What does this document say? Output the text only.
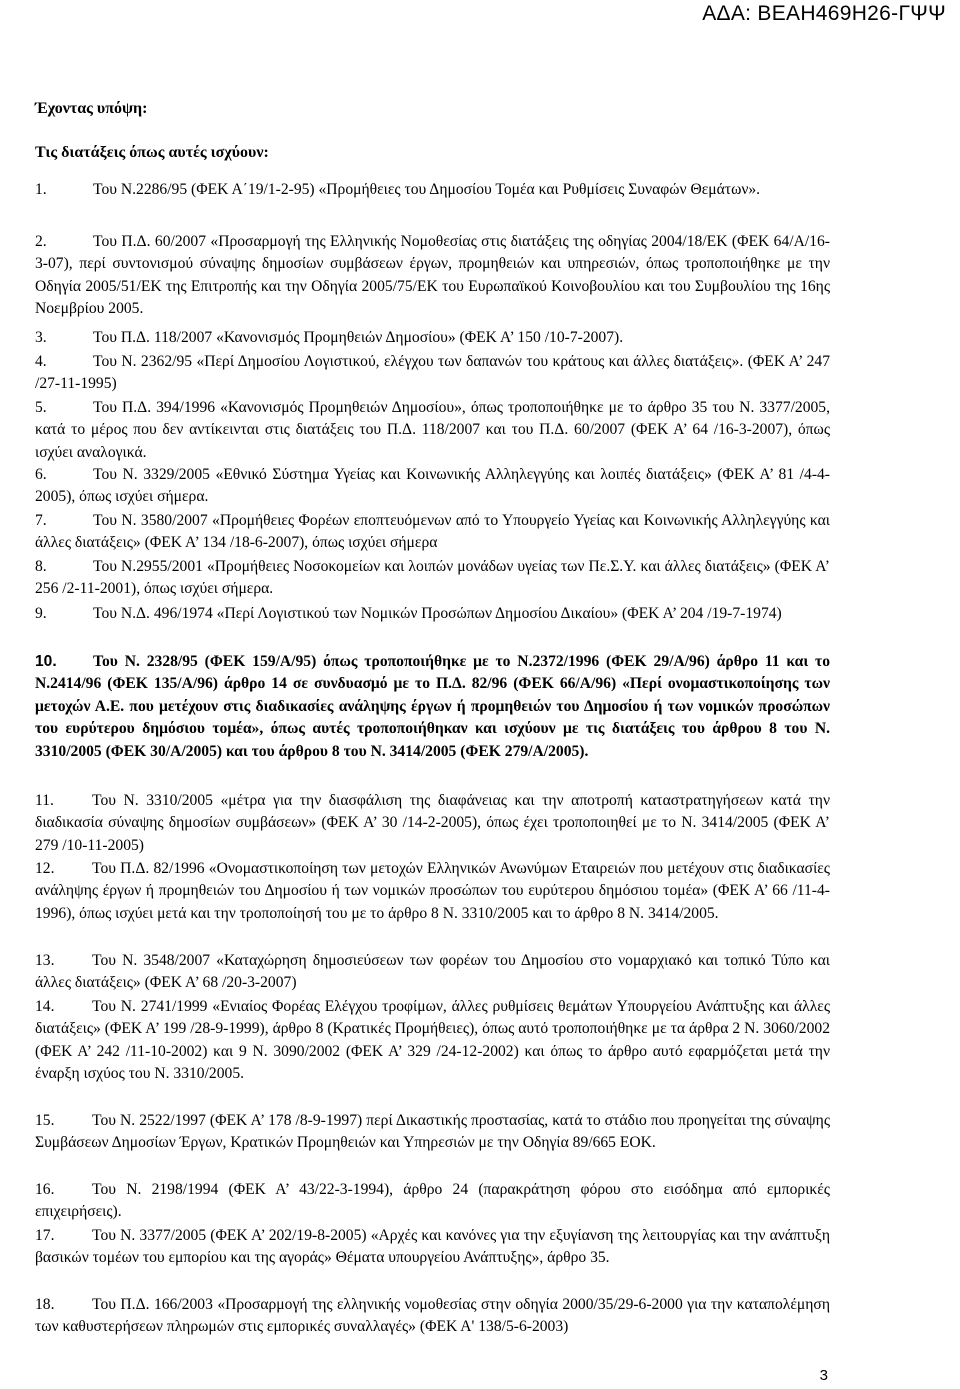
ΑΔΑ: ΒΕΑΗ469Η26-ΓΨΨ
Έχοντας υπόψη:
Τις διατάξεις όπως αυτές ισχύουν:
1.	Του Ν.2286/95 (ΦΕΚ Α΄19/1-2-95) «Προμήθειες του Δημοσίου Τομέα και Ρυθμίσεις Συναφών Θεμάτων».
2.	Του Π.Δ. 60/2007 «Προσαρμογή της Ελληνικής Νομοθεσίας στις διατάξεις της οδηγίας 2004/18/ΕΚ (ΦΕΚ 64/Α/16-3-07), περί συντονισμού σύναψης δημοσίων συμβάσεων έργων, προμηθειών και υπηρεσιών, όπως τροποποιήθηκε με την Οδηγία 2005/51/ΕΚ της Επιτροπής και την Οδηγία 2005/75/ΕΚ του Ευρωπαϊκού Κοινοβουλίου και του Συμβουλίου της 16ης Νοεμβρίου 2005.
3.	Του Π.Δ. 118/2007 «Κανονισμός Προμηθειών Δημοσίου» (ΦΕΚ Α’ 150 /10-7-2007).
4.	Του Ν. 2362/95 «Περί Δημοσίου Λογιστικού, ελέγχου των δαπανών του κράτους και άλλες διατάξεις». (ΦΕΚ Α’ 247 /27-11-1995)
5.	Του Π.Δ. 394/1996 «Κανονισμός Προμηθειών Δημοσίου», όπως τροποποιήθηκε με το άρθρο 35 του Ν. 3377/2005, κατά το μέρος που δεν αντίκεινται στις διατάξεις του Π.Δ. 118/2007 και του Π.Δ. 60/2007 (ΦΕΚ Α’ 64 /16-3-2007), όπως ισχύει αναλογικά.
6.	Του Ν. 3329/2005 «Εθνικό Σύστημα Υγείας και Κοινωνικής Αλληλεγγύης και λοιπές διατάξεις» (ΦΕΚ Α’ 81 /4-4-2005), όπως ισχύει σήμερα.
7.	Του Ν. 3580/2007 «Προμήθειες Φορέων εποπτευόμενων από το Υπουργείο Υγείας και Κοινωνικής Αλληλεγγύης και άλλες διατάξεις» (ΦΕΚ Α’ 134 /18-6-2007), όπως ισχύει σήμερα
8.	Του Ν.2955/2001 «Προμήθειες Νοσοκομείων και λοιπών μονάδων υγείας των Πε.Σ.Υ. και άλλες διατάξεις» (ΦΕΚ Α’ 256 /2-11-2001), όπως ισχύει σήμερα.
9.	Του Ν.Δ. 496/1974 «Περί Λογιστικού των Νομικών Προσώπων Δημοσίου Δικαίου» (ΦΕΚ Α’ 204 /19-7-1974)
10. Του Ν. 2328/95 (ΦΕΚ 159/Α/95) όπως τροποποιήθηκε με το Ν.2372/1996 (ΦΕΚ 29/Α/96) άρθρο 11 και το Ν.2414/96 (ΦΕΚ 135/Α/96) άρθρο 14 σε συνδυασμό με το Π.Δ. 82/96 (ΦΕΚ 66/Α/96) «Περί ονομαστικοποίησης των μετοχών Α.Ε. που μετέχουν στις διαδικασίες ανάληψης έργων ή προμηθειών του Δημοσίου ή των νομικών προσώπων του ευρύτερου δημόσιου τομέα», όπως αυτές τροποποιήθηκαν και ισχύουν με τις διατάξεις του άρθρου 8 του Ν. 3310/2005 (ΦΕΚ 30/Α/2005) και του άρθρου 8 του Ν. 3414/2005 (ΦΕΚ 279/Α/2005).
11. Του Ν. 3310/2005 «μέτρα για την διασφάλιση της διαφάνειας και την αποτροπή καταστρατηγήσεων κατά την διαδικασία σύναψης δημοσίων συμβάσεων» (ΦΕΚ Α’ 30 /14-2-2005), όπως έχει τροποποιηθεί με το Ν. 3414/2005 (ΦΕΚ Α’ 279 /10-11-2005)
12. Του Π.Δ. 82/1996 «Ονομαστικοποίηση των μετοχών Ελληνικών Ανωνύμων Εταιρειών που μετέχουν στις διαδικασίες ανάληψης έργων ή προμηθειών του Δημοσίου ή των νομικών προσώπων του ευρύτερου δημόσιου τομέα» (ΦΕΚ Α’ 66 /11-4-1996), όπως ισχύει μετά και την τροποποίησή του με το άρθρο 8 Ν. 3310/2005 και το άρθρο 8 Ν. 3414/2005.
13. Του Ν. 3548/2007 «Καταχώρηση δημοσιεύσεων των φορέων του Δημοσίου στο νομαρχιακό και τοπικό Τύπο και άλλες διατάξεις» (ΦΕΚ Α’ 68 /20-3-2007)
14. Του Ν. 2741/1999 «Ενιαίος Φορέας Ελέγχου τροφίμων, άλλες ρυθμίσεις θεμάτων Υπουργείου Ανάπτυξης και άλλες διατάξεις» (ΦΕΚ Α’ 199 /28-9-1999), άρθρο 8 (Κρατικές Προμήθειες), όπως αυτό τροποποιήθηκε με τα άρθρα 2 Ν. 3060/2002 (ΦΕΚ Α’ 242 /11-10-2002) και 9 Ν. 3090/2002 (ΦΕΚ Α’ 329 /24-12-2002) και όπως το άρθρο αυτό εφαρμόζεται μετά την έναρξη ισχύος του Ν. 3310/2005.
15. Του Ν. 2522/1997 (ΦΕΚ Α’ 178 /8-9-1997) περί Δικαστικής προστασίας, κατά το στάδιο που προηγείται της σύναψης Συμβάσεων Δημοσίων Έργων, Κρατικών Προμηθειών και Υπηρεσιών με την Οδηγία 89/665 ΕΟΚ.
16. Του Ν. 2198/1994 (ΦΕΚ Α’ 43/22-3-1994), άρθρο 24 (παρακράτηση φόρου στο εισόδημα από εμπορικές επιχειρήσεις).
17. Του Ν. 3377/2005 (ΦΕΚ Α’ 202/19-8-2005) «Αρχές και κανόνες για την εξυγίανση της λειτουργίας και την ανάπτυξη βασικών τομέων του εμπορίου και της αγοράς» Θέματα υπουργείου Ανάπτυξης», άρθρο 35.
18. Του Π.Δ. 166/2003 «Προσαρμογή της ελληνικής νομοθεσίας στην οδηγία 2000/35/29-6-2000 για την καταπολέμηση των καθυστερήσεων πληρωμών στις εμπορικές συναλλαγές» (ΦΕΚ Α' 138/5-6-2003)
3
